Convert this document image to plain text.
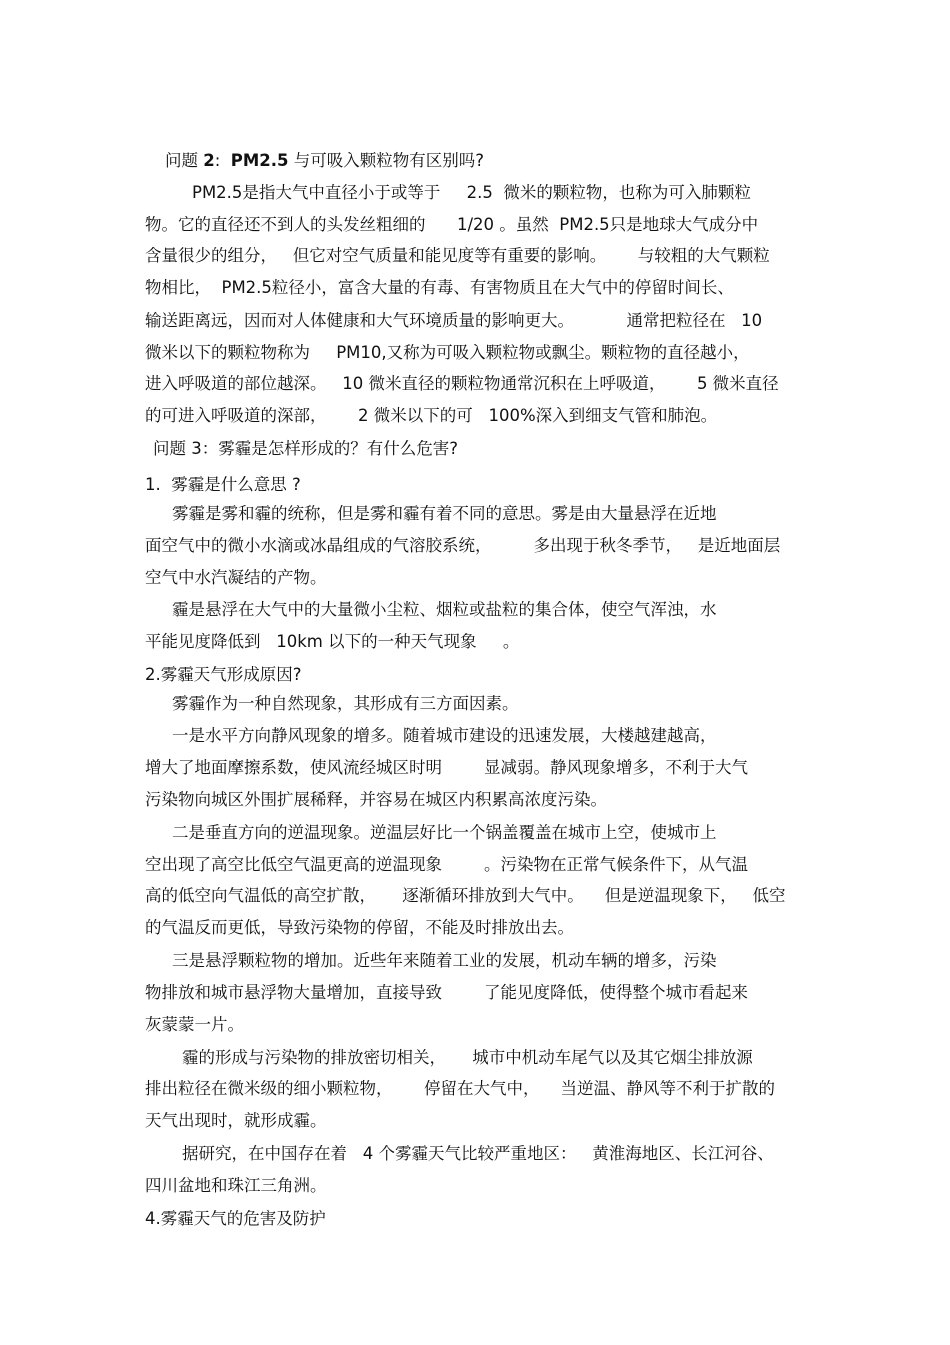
问题 2:  PM2.5 与可吸入颗粒物有区别吗?

PM2.5是指大气中直径小于或等于     2.5  微米的颗粒物，也称为可入肺颗粒

物。它的直径还不到人的头发丝粗细的      1/20 。虽然  PM2.5只是地球大气成分中

含量很少的组分，   但它对空气质量和能见度等有重要的影响。      与较粗的大气颗粒

物相比，  PM2.5粒径小，富含大量的有毒、有害物质且在大气中的停留时间长、

输送距离远，因而对人体健康和大气环境质量的影响更大。          通常把粒径在   10

微米以下的颗粒物称为     PM10,又称为可吸入颗粒物或飘尘。颗粒物的直径越小，

进入呼吸道的部位越深。   10 微米直径的颗粒物通常沉积在上呼吸道，      5 微米直径

的可进入呼吸道的深部，      2 微米以下的可   100%深入到细支气管和肺泡。

问题 3：雾霾是怎样形成的？有什么危害?

1.  雾霾是什么意思 ?

雾霾是雾和霾的统称，但是雾和霾有着不同的意思。雾是由大量悬浮在近地

面空气中的微小水滴或冰晶组成的气溶胶系统，        多出现于秋冬季节，   是近地面层

空气中水汽凝结的产物。

霾是悬浮在大气中的大量微小尘粒、烟粒或盐粒的集合体，使空气浑浊，水

平能见度降低到   10km 以下的一种天气现象     。

2.雾霾天气形成原因?

雾霾作为一种自然现象，其形成有三方面因素。

一是水平方向静风现象的增多。随着城市建设的迅速发展，大楼越建越高，

增大了地面摩擦系数，使风流经城区时明        显减弱。静风现象增多，不利于大气

污染物向城区外围扩展稀释，并容易在城区内积累高浓度污染。

二是垂直方向的逆温现象。逆温层好比一个锅盖覆盖在城市上空，使城市上

空出现了高空比低空气温更高的逆温现象        。污染物在正常气候条件下，从气温

高的低空向气温低的高空扩散，     逐渐循环排放到大气中。    但是逆温现象下，   低空

的气温反而更低，导致污染物的停留，不能及时排放出去。

三是悬浮颗粒物的增加。近些年来随着工业的发展，机动车辆的增多，污染

物排放和城市悬浮物大量增加，直接导致        了能见度降低，使得整个城市看起来

灰蒙蒙一片。

霾的形成与污染物的排放密切相关，     城市中机动车尾气以及其它烟尘排放源

排出粒径在微米级的细小颗粒物，      停留在大气中，    当逆温、静风等不利于扩散的

天气出现时，就形成霾。

据研究，在中国存在着   4 个雾霾天气比较严重地区：   黄淮海地区、长江河谷、

四川盆地和珠江三角洲。

4.雾霾天气的危害及防护
